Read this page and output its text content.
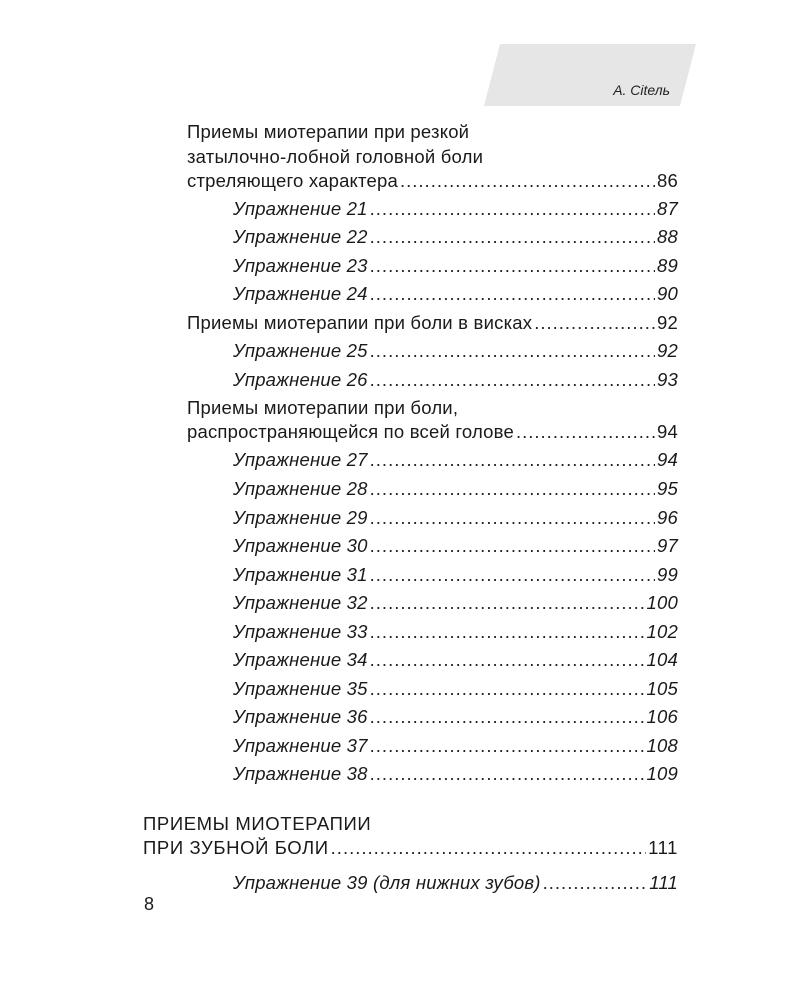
А. Сitель
Приемы миотерапии при резкой
затылочно-лобной головной боли
стреляющего характера .....	86
Упражнение 21 .....	87
Упражнение 22 .....	88
Упражнение 23 .....	89
Упражнение 24 .....	90
Приемы миотерапии при боли в висках .....	92
Упражнение 25 .....	92
Упражнение 26 .....	93
Приемы миотерапии при боли,
распространяющейся по всей голове .....	94
Упражнение 27 .....	94
Упражнение 28 .....	95
Упражнение 29 .....	96
Упражнение 30 .....	97
Упражнение 31 .....	99
Упражнение 32 .....	100
Упражнение 33 .....	102
Упражнение 34 .....	104
Упражнение 35 .....	105
Упражнение 36 .....	106
Упражнение 37 .....	108
Упражнение 38 .....	109
ПРИЕМЫ МИОТЕРАПИИ
ПРИ ЗУБНОЙ БОЛИ .....	111
Упражнение 39 (для нижних зубов) .....	111
8
